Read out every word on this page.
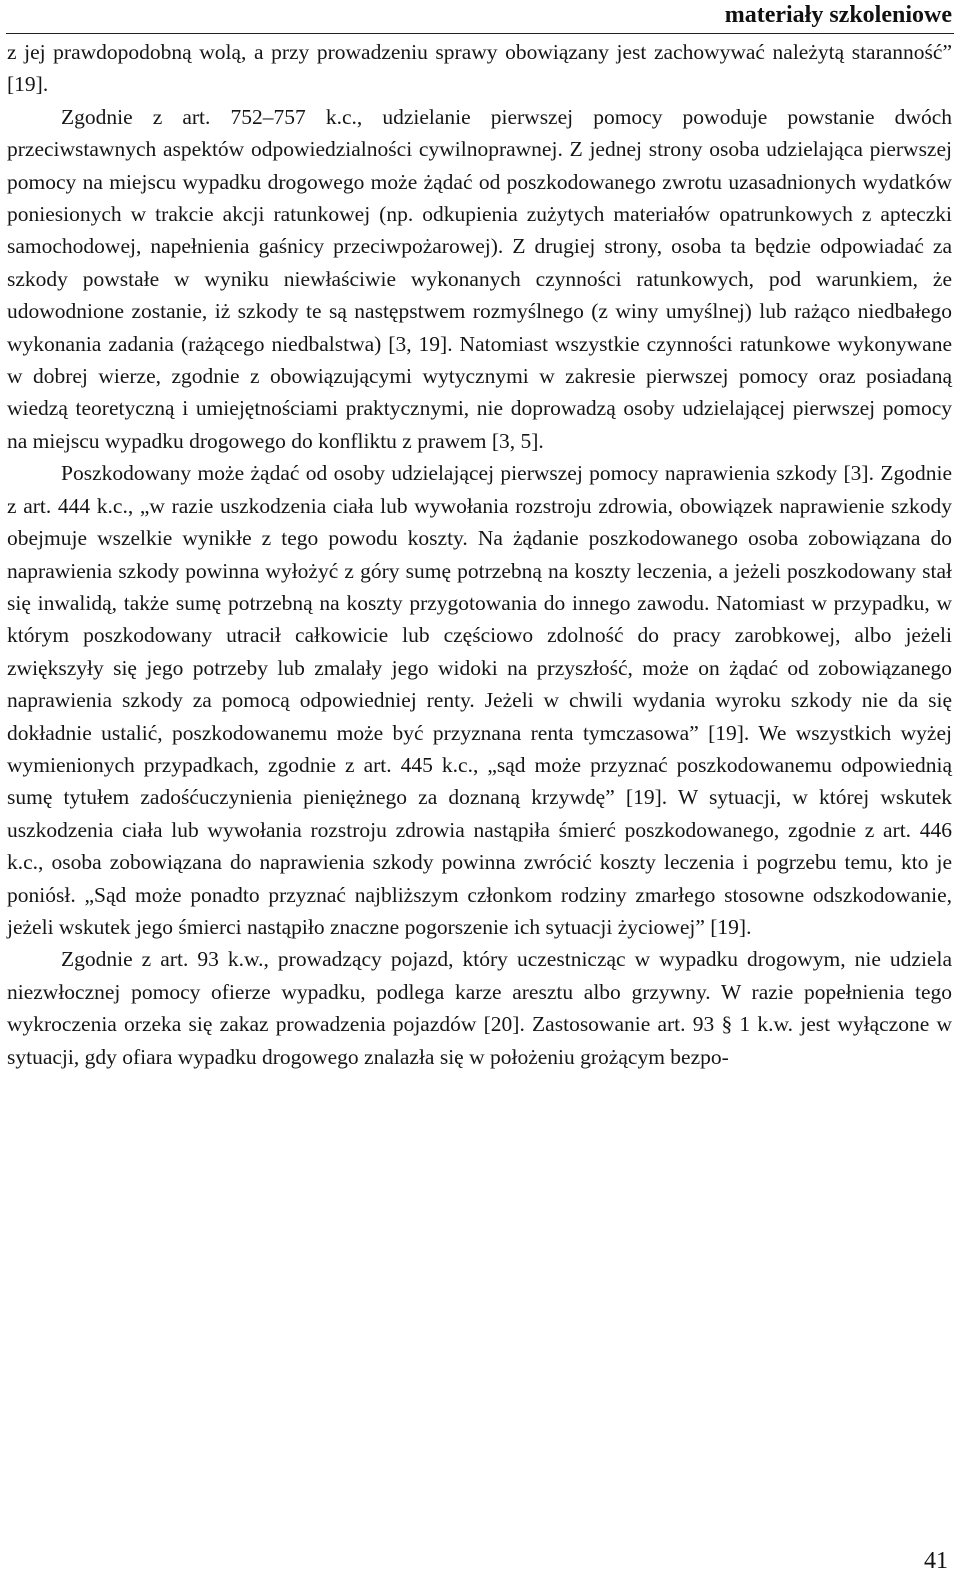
materiały szkoleniowe

z jej prawdopodobną wolą, a przy prowadzeniu sprawy obowiązany jest zachowywać należytą staranność” [19].

Zgodnie z art. 752–757 k.c., udzielanie pierwszej pomocy powoduje powstanie dwóch przeciwstawnych aspektów odpowiedzialności cywilnoprawnej. Z jednej strony osoba udzielająca pierwszej pomocy na miejscu wypadku drogowego może żądać od poszkodowanego zwrotu uzasadnionych wydatków poniesionych w trakcie akcji ratunkowej (np. odkupienia zużytych materiałów opatrunkowych z apteczki samochodowej, napełnienia gaśnicy przeciwpożarowej). Z drugiej strony, osoba ta będzie odpowiadać za szkody powstałe w wyniku niewłaściwie wykonanych czynności ratunkowych, pod warunkiem, że udowodnione zostanie, iż szkody te są następstwem rozmyślnego (z winy umyślnej) lub rażąco niedbałego wykonania zadania (rażącego niedbalstwa) [3, 19]. Natomiast wszystkie czynności ratunkowe wykonywane w dobrej wierze, zgodnie z obowiązującymi wytycznymi w zakresie pierwszej pomocy oraz posiadaną wiedzą teoretyczną i umiejętnościami praktycznymi, nie doprowadzą osoby udzielającej pierwszej pomocy na miejscu wypadku drogowego do konfliktu z prawem [3, 5].

Poszkodowany może żądać od osoby udzielającej pierwszej pomocy naprawienia szkody [3]. Zgodnie z art. 444 k.c., „w razie uszkodzenia ciała lub wywołania rozstroju zdrowia, obowiązek naprawienie szkody obejmuje wszelkie wynikłe z tego powodu koszty. Na żądanie poszkodowanego osoba zobowiązana do naprawienia szkody powinna wyłożyć z góry sumę potrzebną na koszty leczenia, a jeżeli poszkodowany stał się inwalidą, także sumę potrzebną na koszty przygotowania do innego zawodu. Natomiast w przypadku, w którym poszkodowany utracił całkowicie lub częściowo zdolność do pracy zarobkowej, albo jeżeli zwiększyły się jego potrzeby lub zmalały jego widoki na przyszłość, może on żądać od zobowiązanego naprawienia szkody za pomocą odpowiedniej renty. Jeżeli w chwili wydania wyroku szkody nie da się dokładnie ustalić, poszkodowanemu może być przyznana renta tymczasowa” [19]. We wszystkich wyżej wymienionych przypadkach, zgodnie z art. 445 k.c., „sąd może przyznać poszkodowanemu odpowiednią sumę tytułem zadośćuczynienia pieniężnego za doznaną krzywdę” [19]. W sytuacji, w której wskutek uszkodzenia ciała lub wywołania rozstroju zdrowia nastąpiła śmierć poszkodowanego, zgodnie z art. 446 k.c., osoba zobowiązana do naprawienia szkody powinna zwrócić koszty leczenia i pogrzebu temu, kto je poniósł. „Sąd może ponadto przyznać najbliższym członkom rodziny zmarłego stosowne odszkodowanie, jeżeli wskutek jego śmierci nastąpiło znaczne pogorszenie ich sytuacji życiowej” [19].

Zgodnie z art. 93 k.w., prowadzący pojazd, który uczestnicząc w wypadku drogowym, nie udziela niezwłocznej pomocy ofierze wypadku, podlega karze aresztu albo grzywny. W razie popełnienia tego wykroczenia orzeka się zakaz prowadzenia pojazdów [20]. Zastosowanie art. 93 § 1 k.w. jest wyłączone w sytuacji, gdy ofiara wypadku drogowego znalazła się w położeniu grożącym bezpo-

41
